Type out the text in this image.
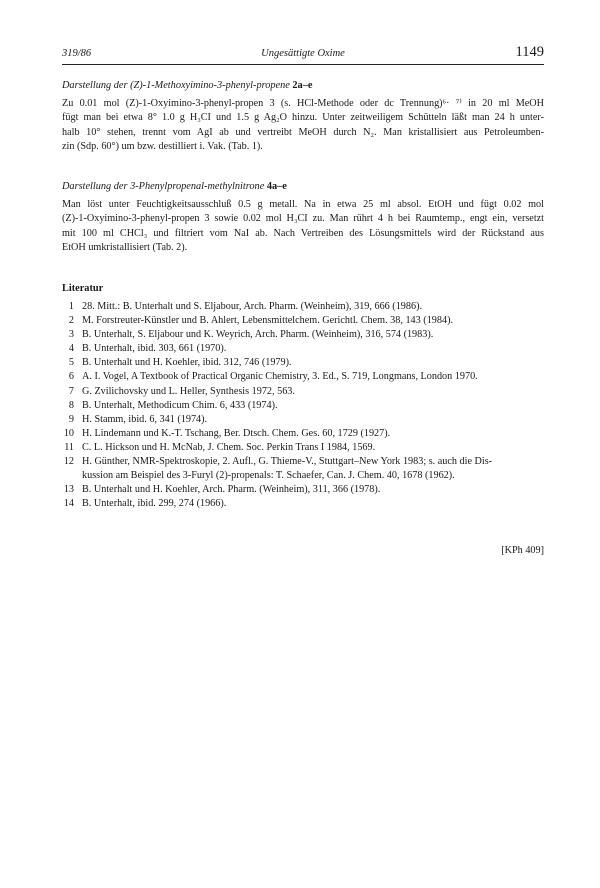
319/86	Ungesättigte Oxime	1149
Darstellung der (Z)-1-Methoxyimino-3-phenyl-propene 2a–e

Zu 0.01 mol (Z)-1-Oxyimino-3-phenyl-propen 3 (s. HCl-Methode oder dc Trennung)⁶· ⁷⁾ in 20 ml MeOH

fügt man bei etwa 8° 1.0 g H₃CI und 1.5 g Ag₂O hinzu. Unter zeitweiligem Schütteln läßt man 24 h unter-

halb 10° stehen, trennt vom AgI ab und vertreibt MeOH durch N₂. Man kristallisiert aus Petroleumben-

zin (Sdp. 60°) um bzw. destilliert i. Vak. (Tab. 1).

Darstellung der 3-Phenylpropenal-methylnitrone 4a–e

Man löst unter Feuchtigkeitsausschluß 0.5 g metall. Na in etwa 25 ml absol. EtOH und fügt 0.02 mol

(Z)-1-Oxyimino-3-phenyl-propen 3 sowie 0.02 mol H₃CI zu. Man rührt 4 h bei Raumtemp., engt ein, versetzt

mit 100 ml CHCl₃ und filtriert vom NaI ab. Nach Vertreiben des Lösungsmittels wird der Rückstand aus

EtOH umkristallisiert (Tab. 2).

Literatur
1 28. Mitt.: B. Unterhalt und S. Eljabour, Arch. Pharm. (Weinheim), 319, 666 (1986).
2 M. Forstreuter-Künstler und B. Ahlert, Lebensmittelchem. Gerichtl. Chem. 38, 143 (1984).
3 B. Unterhalt, S. Eljabour und K. Weyrich, Arch. Pharm. (Weinheim), 316, 574 (1983).
4 B. Unterhalt, ibid. 303, 661 (1970).
5 B. Unterhalt und H. Koehler, ibid. 312, 746 (1979).
6 A. I. Vogel, A Textbook of Practical Organic Chemistry, 3. Ed., S. 719, Longmans, London 1970.
7 G. Zvilichovsky und L. Heller, Synthesis 1972, 563.
8 B. Unterhalt, Methodicum Chim. 6, 433 (1974).
9 H. Stamm, ibid. 6, 341 (1974).
10 H. Lindemann und K.-T. Tschang, Ber. Dtsch. Chem. Ges. 60, 1729 (1927).
11 C. L. Hickson und H. McNab, J. Chem. Soc. Perkin Trans I 1984, 1569.
12 H. Günther, NMR-Spektroskopie, 2. Aufl., G. Thieme-V., Stuttgart–New York 1983; s. auch die Dis-
kussion am Beispiel des 3-Furyl (2)-propenals: T. Schaefer, Can. J. Chem. 40, 1678 (1962).
13 B. Unterhalt und H. Koehler, Arch. Pharm. (Weinheim), 311, 366 (1978).
14 B. Unterhalt, ibid. 299, 274 (1966).
[KPh 409]
